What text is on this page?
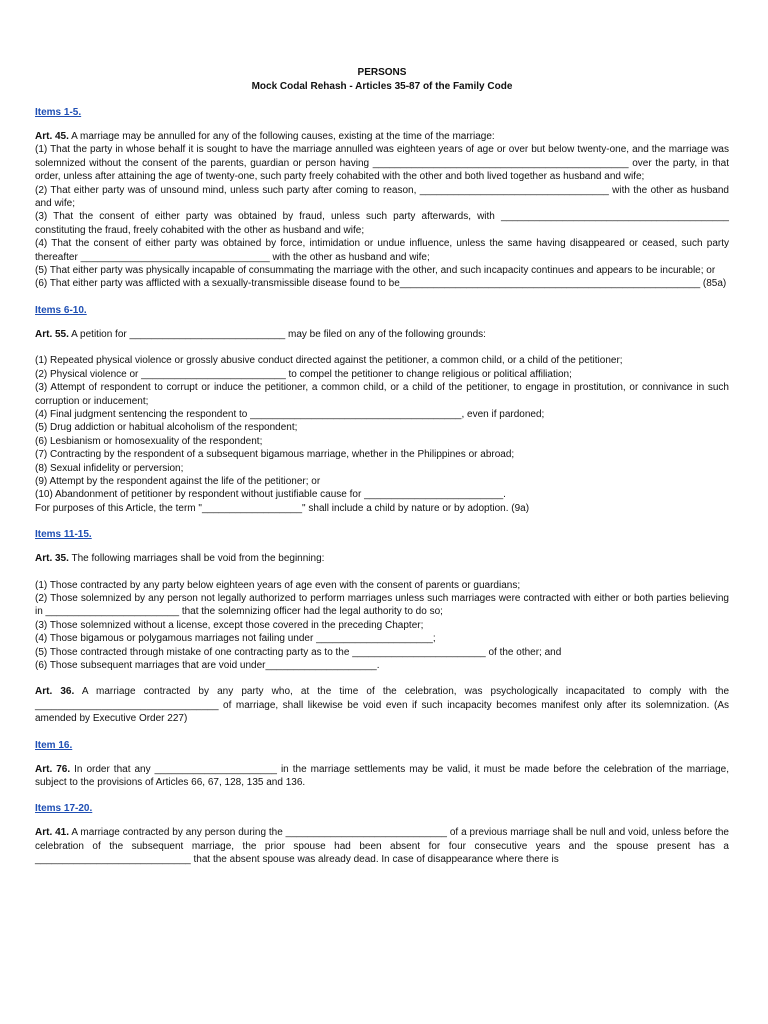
PERSONS

Mock Codal Rehash - Articles 35-87 of the Family Code

Items 1-5.

Art. 45. A marriage may be annulled for any of the following causes, existing at the time of the marriage:

(1) That the party in whose behalf it is sought to have the marriage annulled was eighteen years of age or over but below twenty-one, and the marriage was solemnized without the consent of the parents, guardian or person having ______________________________________________ over the party, in that order, unless after attaining the age of twenty-one, such party freely cohabited with the other and both lived together as husband and wife;

(2) That either party was of unsound mind, unless such party after coming to reason, __________________________________ with the other as husband and wife;

(3) That the consent of either party was obtained by fraud, unless such party afterwards, with _________________________________________ constituting the fraud, freely cohabited with the other as husband and wife;

(4) That the consent of either party was obtained by force, intimidation or undue influence, unless the same having disappeared or ceased, such party thereafter __________________________________ with the other as husband and wife;

(5) That either party was physically incapable of consummating the marriage with the other, and such incapacity continues and appears to be incurable; or

(6) That either party was afflicted with a sexually-transmissible disease found to be______________________________________________________ (85a)

Items 6-10.

Art. 55. A petition for ____________________________ may be filed on any of the following grounds:

(1) Repeated physical violence or grossly abusive conduct directed against the petitioner, a common child, or a child of the petitioner;

(2) Physical violence or __________________________ to compel the petitioner to change religious or political affiliation;

(3) Attempt of respondent to corrupt or induce the petitioner, a common child, or a child of the petitioner, to engage in prostitution, or connivance in such corruption or inducement;

(4) Final judgment sentencing the respondent to ______________________________________, even if pardoned;

(5) Drug addiction or habitual alcoholism of the respondent;

(6) Lesbianism or homosexuality of the respondent;

(7) Contracting by the respondent of a subsequent bigamous marriage, whether in the Philippines or abroad;

(8) Sexual infidelity or perversion;

(9) Attempt by the respondent against the life of the petitioner; or

(10) Abandonment of petitioner by respondent without justifiable cause for _________________________.

For purposes of this Article, the term "__________________" shall include a child by nature or by adoption. (9a)

Items 11-15.

Art. 35. The following marriages shall be void from the beginning:

(1) Those contracted by any party below eighteen years of age even with the consent of parents or guardians;

(2) Those solemnized by any person not legally authorized to perform marriages unless such marriages were contracted with either or both parties believing in ________________________ that the solemnizing officer had the legal authority to do so;

(3) Those solemnized without a license, except those covered in the preceding Chapter;

(4) Those bigamous or polygamous marriages not failing under _____________________;

(5) Those contracted through mistake of one contracting party as to the ________________________ of the other; and

(6) Those subsequent marriages that are void under____________________.

Art. 36. A marriage contracted by any party who, at the time of the celebration, was psychologically incapacitated to comply with the _________________________________ of marriage, shall likewise be void even if such incapacity becomes manifest only after its solemnization. (As amended by Executive Order 227)

Item 16.

Art. 76. In order that any ______________________ in the marriage settlements may be valid, it must be made before the celebration of the marriage, subject to the provisions of Articles 66, 67, 128, 135 and 136.

Items 17-20.

Art. 41. A marriage contracted by any person during the _____________________________ of a previous marriage shall be null and void, unless before the celebration of the subsequent marriage, the prior spouse had been absent for four consecutive years and the spouse present has a ____________________________ that the absent spouse was already dead. In case of disappearance where there is
